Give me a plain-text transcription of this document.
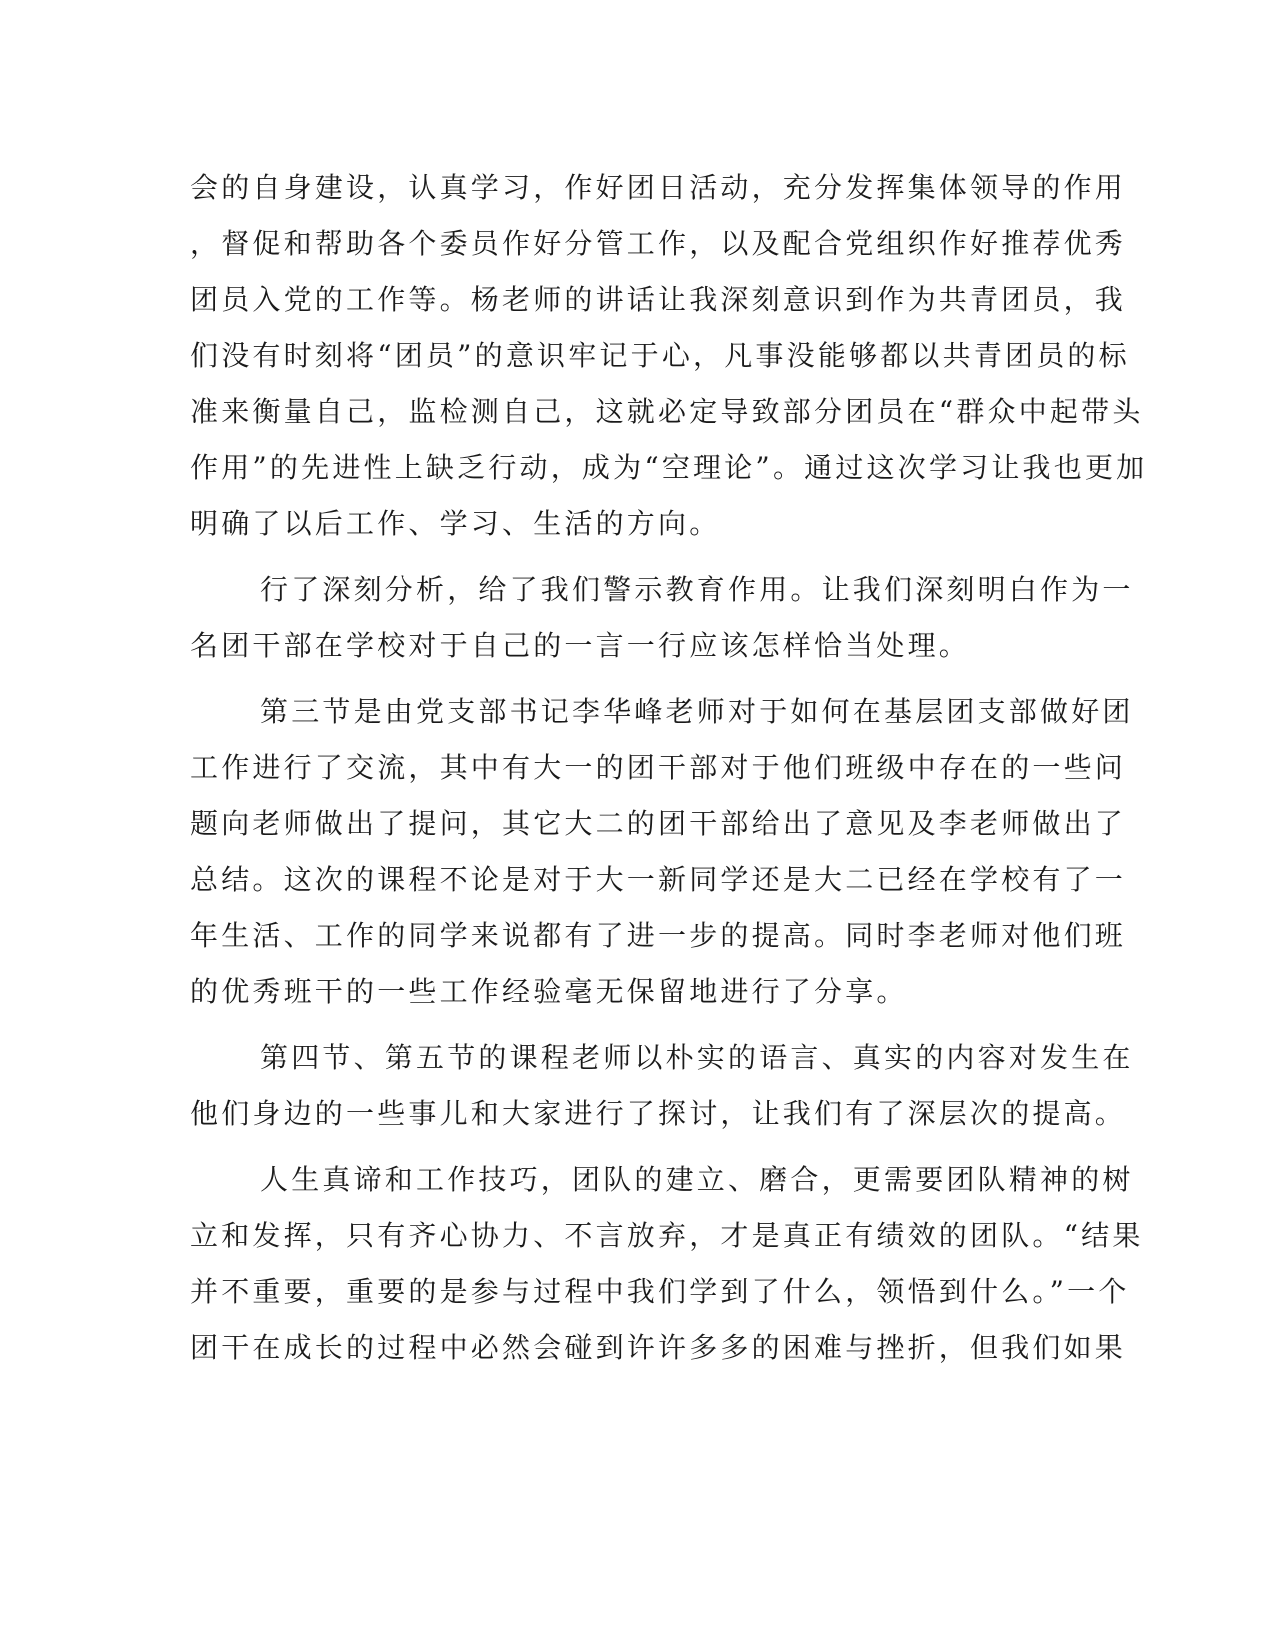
会的自身建设，认真学习，作好团日活动，充分发挥集体领导的作用
，督促和帮助各个委员作好分管工作，以及配合党组织作好推荐优秀
团员入党的工作等。杨老师的讲话让我深刻意识到作为共青团员，我
们没有时刻将“团员”的意识牢记于心，凡事没能够都以共青团员的标
准来衡量自己，监检测自己，这就必定导致部分团员在“群众中起带头
作用”的先进性上缺乏行动，成为“空理论”。通过这次学习让我也更加
明确了以后工作、学习、生活的方向。
行了深刻分析，给了我们警示教育作用。让我们深刻明白作为一
名团干部在学校对于自己的一言一行应该怎样恰当处理。
第三节是由党支部书记李华峰老师对于如何在基层团支部做好团
工作进行了交流，其中有大一的团干部对于他们班级中存在的一些问
题向老师做出了提问，其它大二的团干部给出了意见及李老师做出了
总结。这次的课程不论是对于大一新同学还是大二已经在学校有了一
年生活、工作的同学来说都有了进一步的提高。同时李老师对他们班
的优秀班干的一些工作经验毫无保留地进行了分享。
第四节、第五节的课程老师以朴实的语言、真实的内容对发生在
他们身边的一些事儿和大家进行了探讨，让我们有了深层次的提高。
人生真谛和工作技巧，团队的建立、磨合，更需要团队精神的树
立和发挥，只有齐心协力、不言放弃，才是真正有绩效的团队。“结果
并不重要，重要的是参与过程中我们学到了什么，领悟到什么。”一个
团干在成长的过程中必然会碰到许许多多的困难与挫折，但我们如果
